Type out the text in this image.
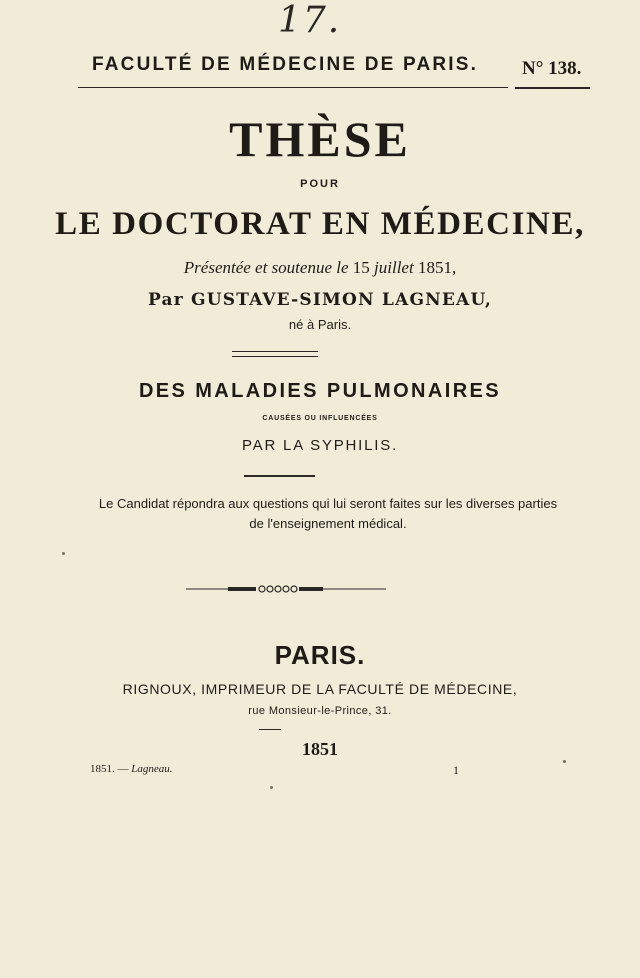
17.
FACULTÉ DE MÉDECINE DE PARIS. N° 138.
THÈSE
POUR
LE DOCTORAT EN MÉDECINE,
Présentée et soutenue le 15 juillet 1851,
Par GUSTAVE-SIMON LAGNEAU,
né à Paris.
DES MALADIES PULMONAIRES
CAUSÉES OU INFLUENCÉES
PAR LA SYPHILIS.
Le Candidat répondra aux questions qui lui seront faites sur les diverses parties
de l'enseignement médical.
PARIS.
RIGNOUX, IMPRIMEUR DE LA FACULTÉ DE MÉDECINE,
rue Monsieur-le-Prince, 31.
1851
1851. — Lagneau.	1
